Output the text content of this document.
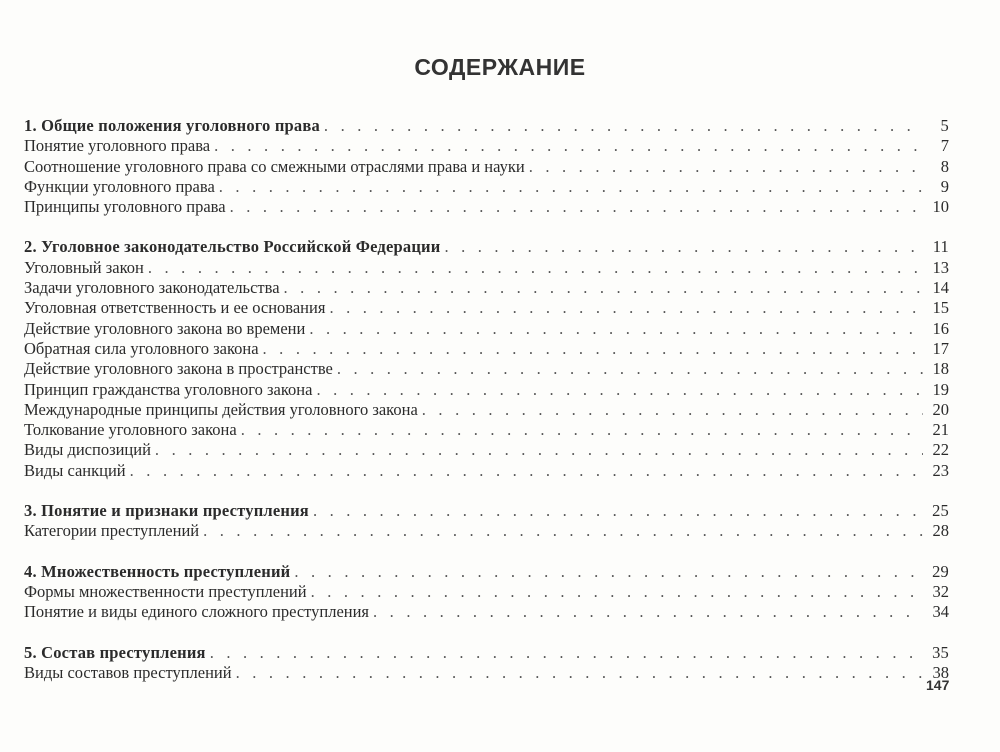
СОДЕРЖАНИЕ
1. Общие положения уголовного права . . .	5
Понятие уголовного права . . .	7
Соотношение уголовного права со смежными отраслями права и науки . . .	8
Функции уголовного права . . .	9
Принципы уголовного права . . .	10
2. Уголовное законодательство Российской Федерации . . .	11
Уголовный закон . . .	13
Задачи уголовного законодательства . . .	14
Уголовная ответственность и ее основания . . .	15
Действие уголовного закона во времени . . .	16
Обратная сила уголовного закона . . .	17
Действие уголовного закона в пространстве . . .	18
Принцип гражданства уголовного закона . . .	19
Международные принципы действия уголовного закона . . .	20
Толкование уголовного закона . . .	21
Виды диспозиций . . .	22
Виды санкций . . .	23
3. Понятие и признаки преступления . . .	25
Категории преступлений . . .	28
4. Множественность преступлений . . .	29
Формы множественности преступлений . . .	32
Понятие и виды единого сложного преступления . . .	34
5. Состав преступления . . .	35
Виды составов преступлений . . .	38
147
